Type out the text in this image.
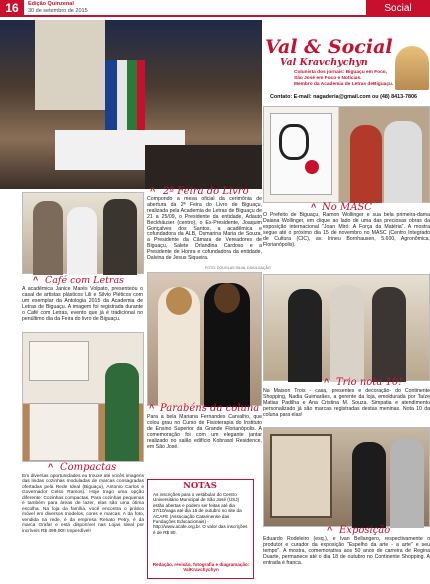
16	Edição Quinzenal
30 de setembro de 2015	Social
Val & Social
Val Kravchychyn
Colunista dos jornais: Biguaçu em Foco,
São José em Foco e Notícias.
Membro da Academia de Letras deBiguaçu.
Contato: E-mail: nagaderia@gmail.com ou (48) 8413-7806
^ 2ª Feira do Livro
Compondo a mesa oficial da cerimônia de abertura da 2ª Feira do Livro de Biguaçu, realizada pela Academia de Letras de Biguaçu de 21 a 25/09, o Presidente da entidade, Adauto Beckhäuser (centro), o Ex-Presidente, Joaquim Gonçalves dos Santos, a acadêmica e cofundadora da ALB, Osmarina Maria de Souza, a Presidente da Câmara de Vereadores de Biguaçu, Salete Orlandina Cardoso e a Presidente de Honra e cofundadora da entidade, Dalvina de Jesus Siqueira.
FOTO: DOUGLAS SILVA, DIVULGAÇÃO
^ Café com Letras
A acadêmica Janice Marés Volpato, presenteou o casal de artistas plásticos Lili e Silvio Pléticos com um exemplar da Antologia 2015 da Academia de Letras de Biguaçu. A imagem foi registrada durante o Café com Letras, evento que já é tradicional no penúltimo dia da Feira do livro de Biguaçu.
^ No MASC
O Prefeito de Biguaçu, Ramon Wollinger e sua bela primeira-dama Daiana Wollinger, em clique ao lado de uma das preciosas obras da exposição internacional "Joan Miró: A Força da Matéria". A mostra segue até o próximo dia 15 de novembro no MASC (Centro Integrado de Cultura (CIC), av. Irineu Bornhausen, 5.600, Agronômica, Florianópolis).
^ Trio nota 10!
Na Maison Trois - casa, presentes e decoração- do Continente Shopping, Nadia Guimarães, a gerente da loja, emoldurada por Taíze Matias Padilha e Ana Cristina M. Souza. Simpatia e atendimento personalizado já são marcas registradas destas meninas. Nota 10 da coluna para elas!
^ Parabéns da coluna
Para a bela Mariana Fernandes Carvalho, que colou grau no Curso de Fisioterapia do Instituto de Ensino Superior da Grande Florianópolis. A comemoração foi com um elegante jantar realizado no salão edifício Kobrasol Residence, em São José.
^ Compactas
Em diversas oportunidades eu trouxe até vocês imagens das lindas cozinhas moduladas de marcas consagradas ofertadas pela Rede Ideal (Biguaçu), Antonio Carlos e Governador Celso Ramos). Hoje trago uma opção diferente: Cozinhas compactas. Para cozinhas pequenas e também para áreas de lazer, elas são uma ótima escolha. Na loja da família, você encontra o prático móvel em diversos modelos, cores e marcas. A da foto, vendida na rede, é da empresa Renato Petry, é da marca Grafar e está disponível nas Lojas Ideal por incríveis R$ 499,00!! Imperdível!
NOTAS
As inscrições para o vestibular do Centro Universitário Municipal de São José (USJ) estão abertas e podem ser feitas até dia 27/10/vaga até dia 15 de outubro no site da ACAFE (Associação Catarinense das Fundações Educacionais) - http://www.acafe.org.br. O valor das inscrições é de R$ 90.
Redação, revisão, fotografia e diagramação: ValKravchychyn
^ Exposição
Eduardo Rodeleiro (esq.), e Ivan Bellangero, respectivamente o produtor e curador da exposição "Espelho da arte - a arte" e seu tempo". A mostra, comemorativa aos 50 anos de carreira de Regina Duarte, permanece até o dia 18 de outubro no Continente Shopping. A entrada é franca.
